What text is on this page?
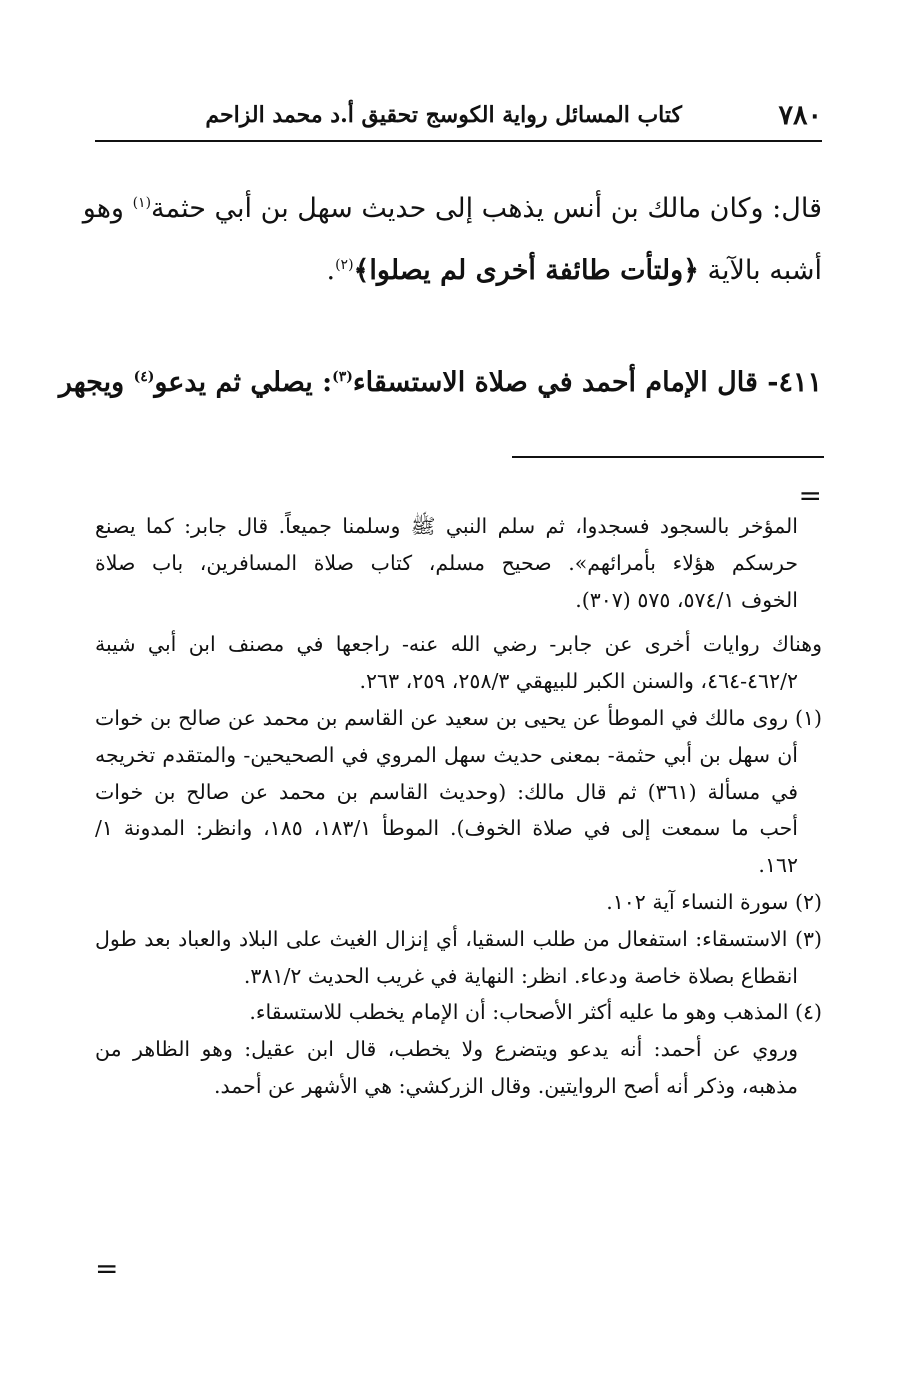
٧٨٠
كتاب المسائل رواية الكوسج تحقيق أ.د محمد الزاحم
قال: وكان مالك بن أنس يذهب إلى حديث سهل بن أبي حثمة$^{(١)}$ وهو
أشبه بالآية ﴿ولتأت طائفة أخرى لم يصلوا﴾$^{(٢)}$.
٤١١- قال الإمام أحمد في صلاة الاستسقاء$^{(٣)}$: يصلي ثم يدعو$^{(٤)}$ ويجهر
=

المؤخر بالسجود فسجدوا، ثم سلم النبي ﷺ وسلمنا جميعاً. قال جابر: كما يصنع

حرسكم هؤلاء بأمرائهم». صحيح مسلم، كتاب صلاة المسافرين، باب صلاة

الخوف ٥٧٤/١، ٥٧٥ (٣٠٧).

وهناك روايات أخرى عن جابر- رضي الله عنه- راجعها في مصنف ابن أبي شيبة

٤٦٢/٢-٤٦٤، والسنن الكبر للبيهقي ٢٥٨/٣، ٢٥٩، ٢٦٣.

(١) روى مالك في الموطأ عن يحيى بن سعيد عن القاسم بن محمد عن صالح بن خوات

أن سهل بن أبي حثمة- بمعنى حديث سهل المروي في الصحيحين- والمتقدم تخريجه

في مسألة (٣٦١) ثم قال مالك: (وحديث القاسم بن محمد عن صالح بن خوات

أحب ما سمعت إلى في صلاة الخوف). الموطأ ١٨٣/١، ١٨٥، وانظر: المدونة ١/

١٦٢.

(٢) سورة النساء آية ١٠٢.

(٣) الاستسقاء: استفعال من طلب السقيا، أي إنزال الغيث على البلاد والعباد بعد طول

انقطاع بصلاة خاصة ودعاء. انظر: النهاية في غريب الحديث ٣٨١/٢.

(٤) المذهب وهو ما عليه أكثر الأصحاب: أن الإمام يخطب للاستسقاء.

وروي عن أحمد: أنه يدعو ويتضرع ولا يخطب، قال ابن عقيل: وهو الظاهر من

مذهبه، وذكر أنه أصح الروايتين. وقال الزركشي: هي الأشهر عن أحمد.

=
